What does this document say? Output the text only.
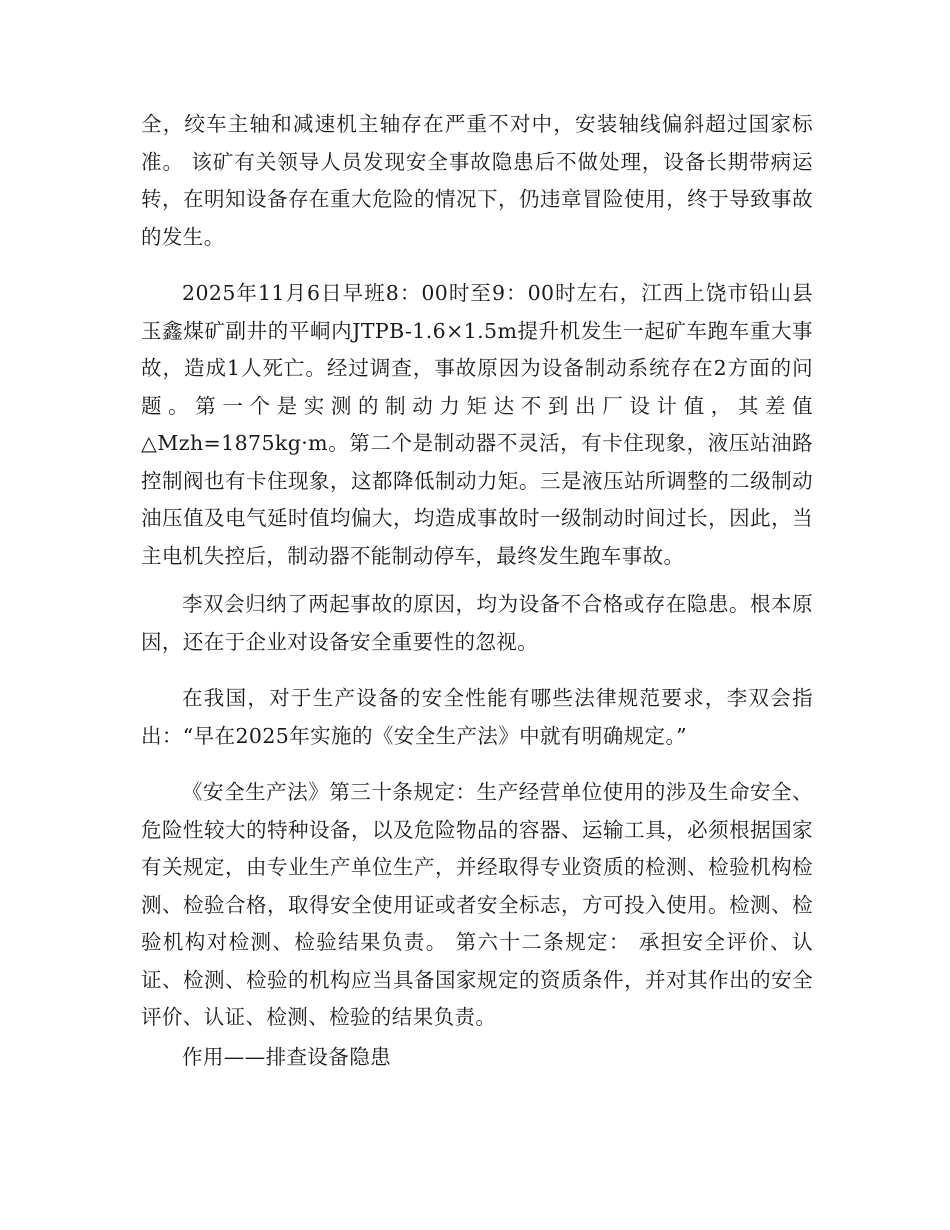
全，绞车主轴和减速机主轴存在严重不对中，安装轴线偏斜超过国家标准。 该矿有关领导人员发现安全事故隐患后不做处理，设备长期带病运转，在明知设备存在重大危险的情况下，仍违章冒险使用，终于导致事故的发生。

2025年11月6日早班8：00时至9：00时左右，江西上饶市铅山县玉鑫煤矿副井的平峒内JTPB-1.6×1.5m提升机发生一起矿车跑车重大事故，造成1人死亡。经过调查，事故原因为设备制动系统存在2方面的问题。第一个是实测的制动力矩达不到出厂设计值，其差值△Mzh=1875kg·m。第二个是制动器不灵活，有卡住现象，液压站油路控制阀也有卡住现象，这都降低制动力矩。三是液压站所调整的二级制动油压值及电气延时值均偏大，均造成事故时一级制动时间过长，因此，当主电机失控后，制动器不能制动停车，最终发生跑车事故。

李双会归纳了两起事故的原因，均为设备不合格或存在隐患。根本原因，还在于企业对设备安全重要性的忽视。

在我国，对于生产设备的安全性能有哪些法律规范要求，李双会指出：“早在2025年实施的《安全生产法》中就有明确规定。”

《安全生产法》第三十条规定：生产经营单位使用的涉及生命安全、危险性较大的特种设备，以及危险物品的容器、运输工具，必须根据国家有关规定，由专业生产单位生产，并经取得专业资质的检测、检验机构检测、检验合格，取得安全使用证或者安全标志，方可投入使用。检测、检验机构对检测、检验结果负责。 第六十二条规定： 承担安全评价、认证、检测、检验的机构应当具备国家规定的资质条件，并对其作出的安全评价、认证、检测、检验的结果负责。

作用——排查设备隐患
